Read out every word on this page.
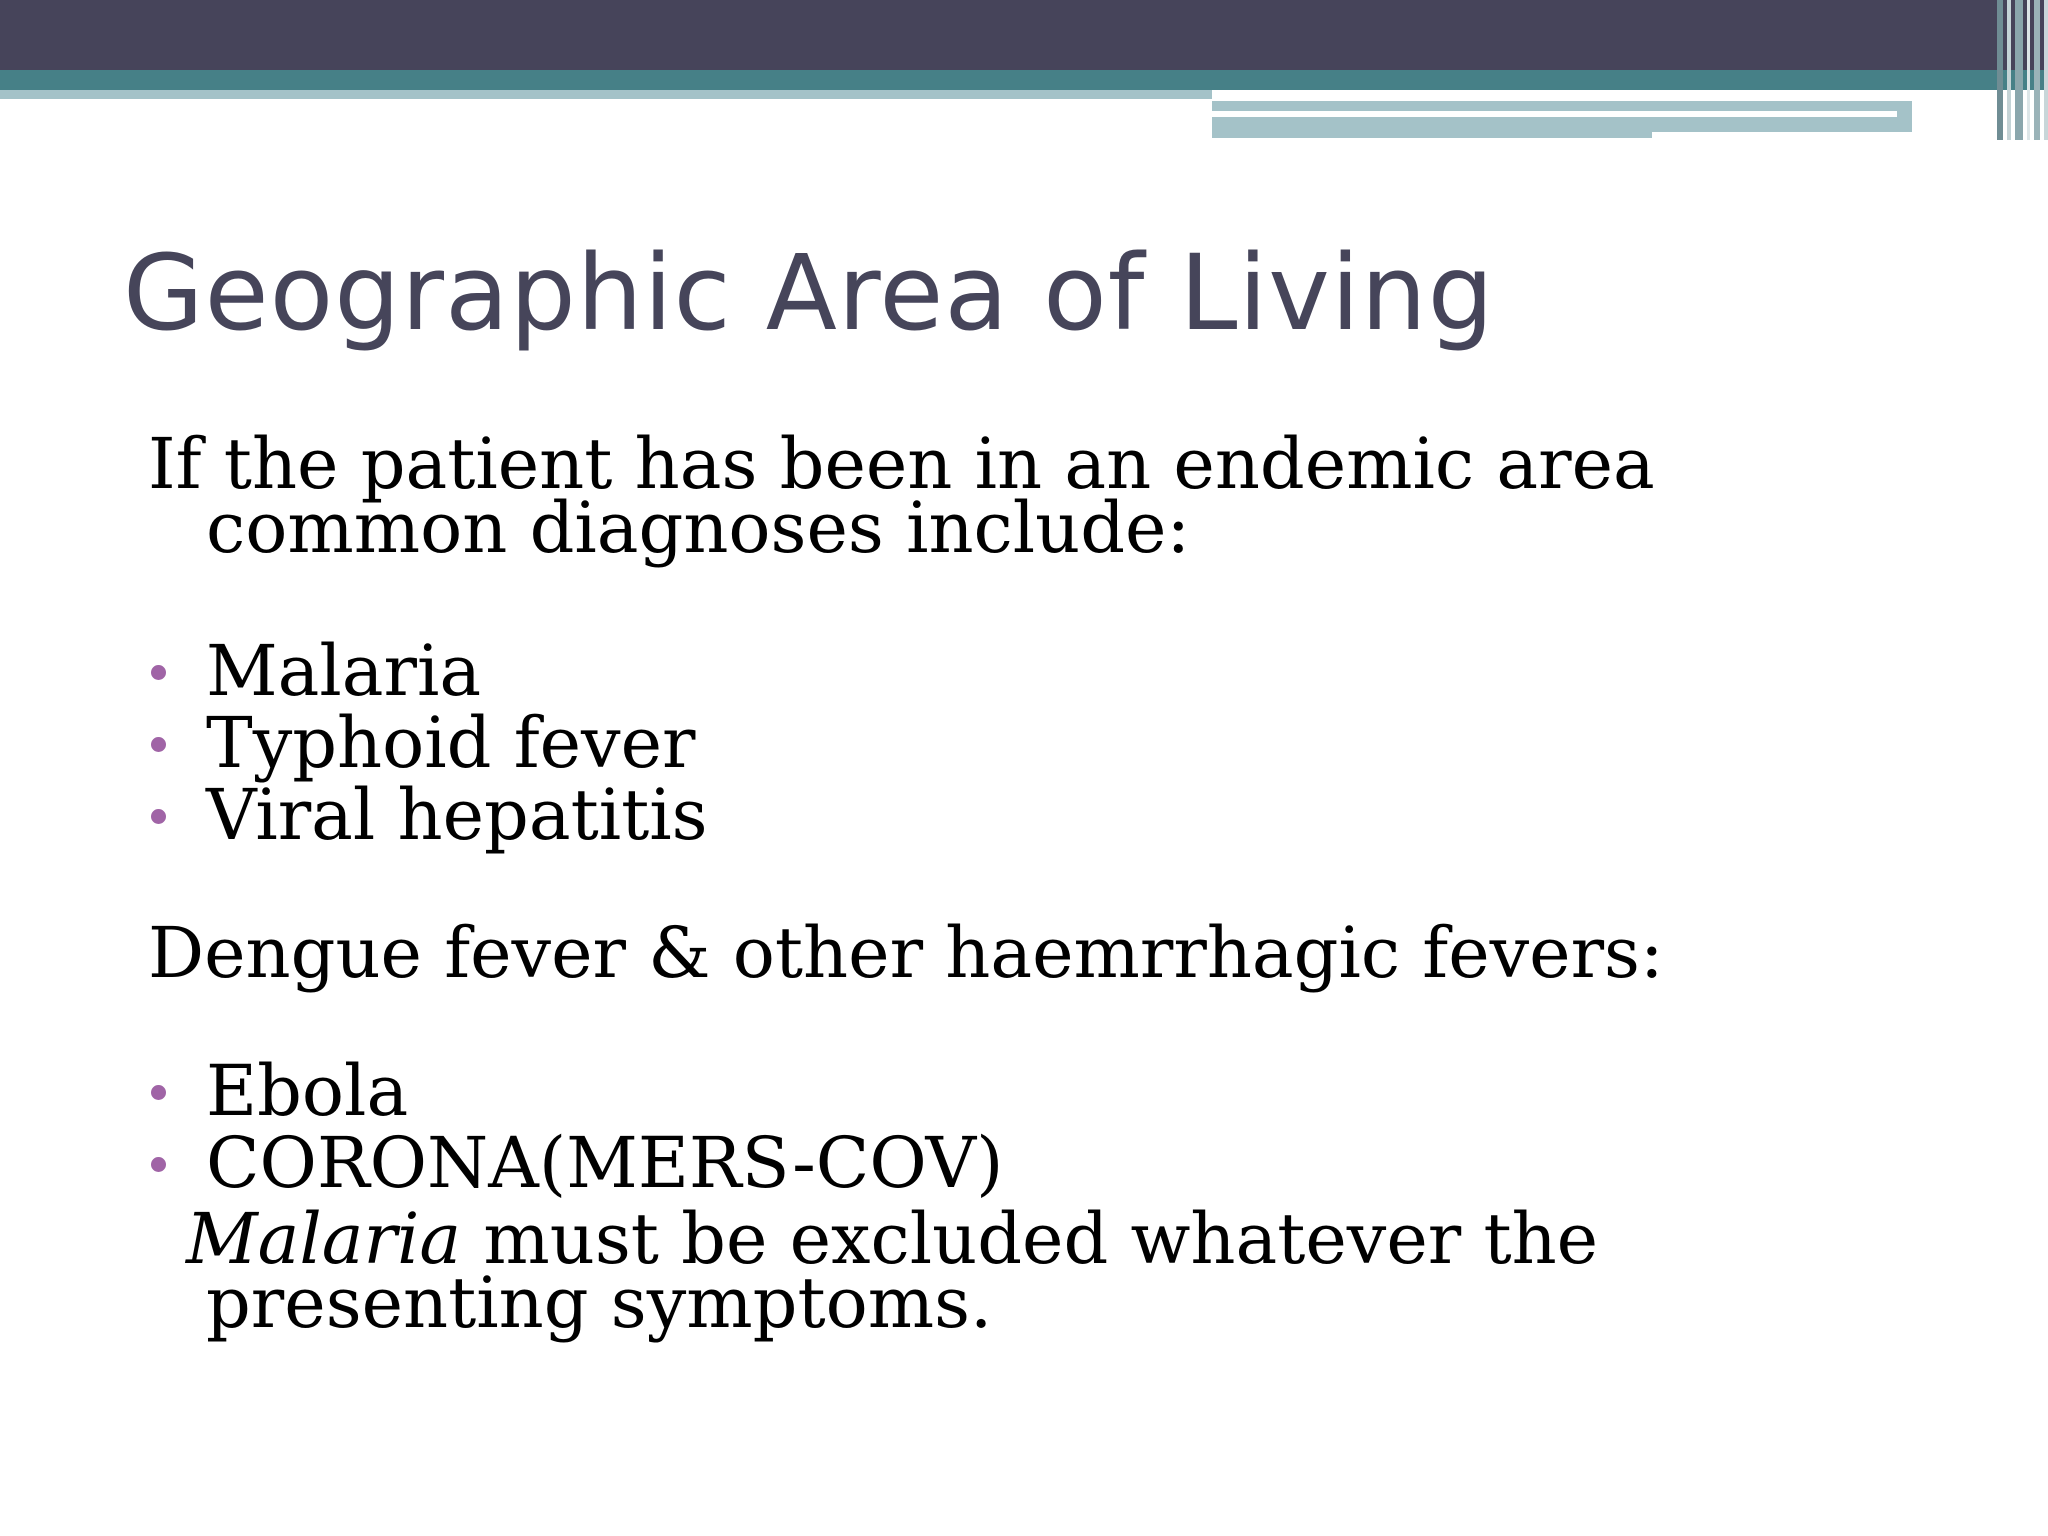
Geographic Area of Living

If the patient has been in an endemic area common diagnoses include:

Malaria
Typhoid fever
Viral hepatitis

Dengue fever & other haemrrhagic fevers:

Ebola
CORONA(MERS-COV)

Malaria must be excluded whatever the presenting symptoms.
